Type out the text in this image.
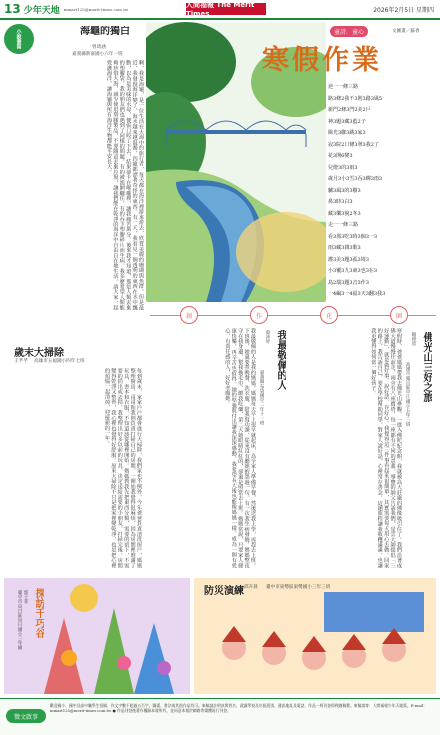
13 少年天地 mmart125@merit-times.com.tw	人間福報 The Merit Times	2026年2月5日 星期四
小說書寫	海龜的獨白
曾琦涵
嘉義縣新嘉國小六年一班
啊，我是海龜，是一位生活在大海中的旅行者，每天都在海洋裡游來游去，欣賞美麗的珊瑚與魚群。但是最近，我發現海洋變了，海水越來越混濁，四處都漂著奇怪的東西。有一天，我看見一個透明的東西在水中飄動，以為是美味的水母，便張口咬了下去，結果卻卡在喉嚨裡，讓我痛苦萬分。後來我才知道，那是人類丟棄的塑膠袋。我的朋友們也遇到了同樣的問題，有的被漁網纏住，有的吞下塑膠碎片而生病。我多麼希望人類能夠珍惜大海，減少使用塑膠製品，不要隨意丟棄垃圾，讓我們能在乾淨的海洋中自由自在地生活。請大家一起愛護海洋，讓海龜與所有海洋生物都能平安長大。
童詩．童心	文圖畫／蘇香
寒假作業
逆一一條三路
路3條2我不3則3路3風5
新門2條3門2美2戶
神3題3藏3藍2子
陽光3聯3跳3家3
寂3院2口條3翠3我2了
花3開6變3
兒燈3的3雨3
歲月3小3雪3吞3蟬3雨3
驢3風3的3樹3
鼻3時3白3
藏3樂3貌2冬3
走一一條三路
看3那3吃3時3個3一3
雨3藏3雜3歌3
灌3美3題3孤3境3
小3覆3九3東3也3在3
鳥2瑞3題3音3作3
一4編3一4福3天3翻3我3
創	作	花	園
歲末大掃除
王芊芊 高雄市五福國小四年七班
每到歲末，家家戶戶都會進行大掃除，我們家也不例外。今年爸爸負責清洗窗戶，媽媽整理廚房，哥哥和我則負責打掃自己的房間。一開始我覺得很麻煩，因為房間裡堆滿了玩具、書本和衣服，不知道該從哪裡開始。媽媽教我先把東西分類，需要的留下，不需要的捐出或丟掉。我整理出好多以前的玩具，決定送給需要的小朋友。打掃完後，房間變得乾淨又整齊，我心裡也覺得好舒服。原來大掃除不只是把家裡變乾淨，也是把心裡的煩惱一起清掉，迎接新的一年。
我最敬佩的人
蔡沛妤
嘉義縣布袋國中二年十一班
我最敬佩的人是我的媽媽。媽媽每天早上很早就起床，為全家人準備早餐，然後送我上學，再趕去上班。下班後，她還要煮晚餐、洗衣服、陪我寫功課，從來沒有聽她抱怨過一句。有一次我生病發燒，媽媽整夜守在我身邊，幫我換毛巾、餵我吃藥，第二天她眼睛紅紅的，卻還是照常去上班。媽媽常說，只要家人健康快樂，再辛苦也值得。她的堅強與付出讓我深深感動，我希望長大後也能像媽媽一樣，成為一個有愛心、有責任感的人，好好孝順她。	佛光山三好之旅
賴偉恩
高雄市鳳山區中正國小五年三班
寒假時，爸爸媽媽帶我去佛光山參觀。一進入佛陀紀念館，我就被高大莊嚴的佛像吸引住了。我們沿著成佛大道慢慢往前走，兩旁有八座寶塔，每一座都有不同的意義。導覽的師父告訴我們，星雲大師提倡「三好運動」，就是做好事、說好話、存好心。我覺得這三件事看起來很簡單，其實需要每天用心去做。回家的路上，我告訴自己，要在學校幫助同學，對家人說好話，心裡常存善念。這趟旅程讓我收穫滿滿，也讓我更懂得如何當一個好孩子。
探訪千巧谷
郭子菲
臺中市烏日區烏日國小三年級	防災演練 邱卉晨 臺中市東勢區東勢國小三年三班
徵文啟事
歡迎國小、國中及高中職學生投稿，作文字數不超過五百字，圖畫、書法或其他作品均可。來稿請註明真實姓名、就讀學校及年級班別、通訊地址及電話，作品一經刊登即致贈稿費。來稿請寄：人間福報少年天地版，E-mail：mmart125@merit-times.com.tw ● 作品刊登後著作權歸本報所有，並同意本報於網路等媒體再行刊登。
